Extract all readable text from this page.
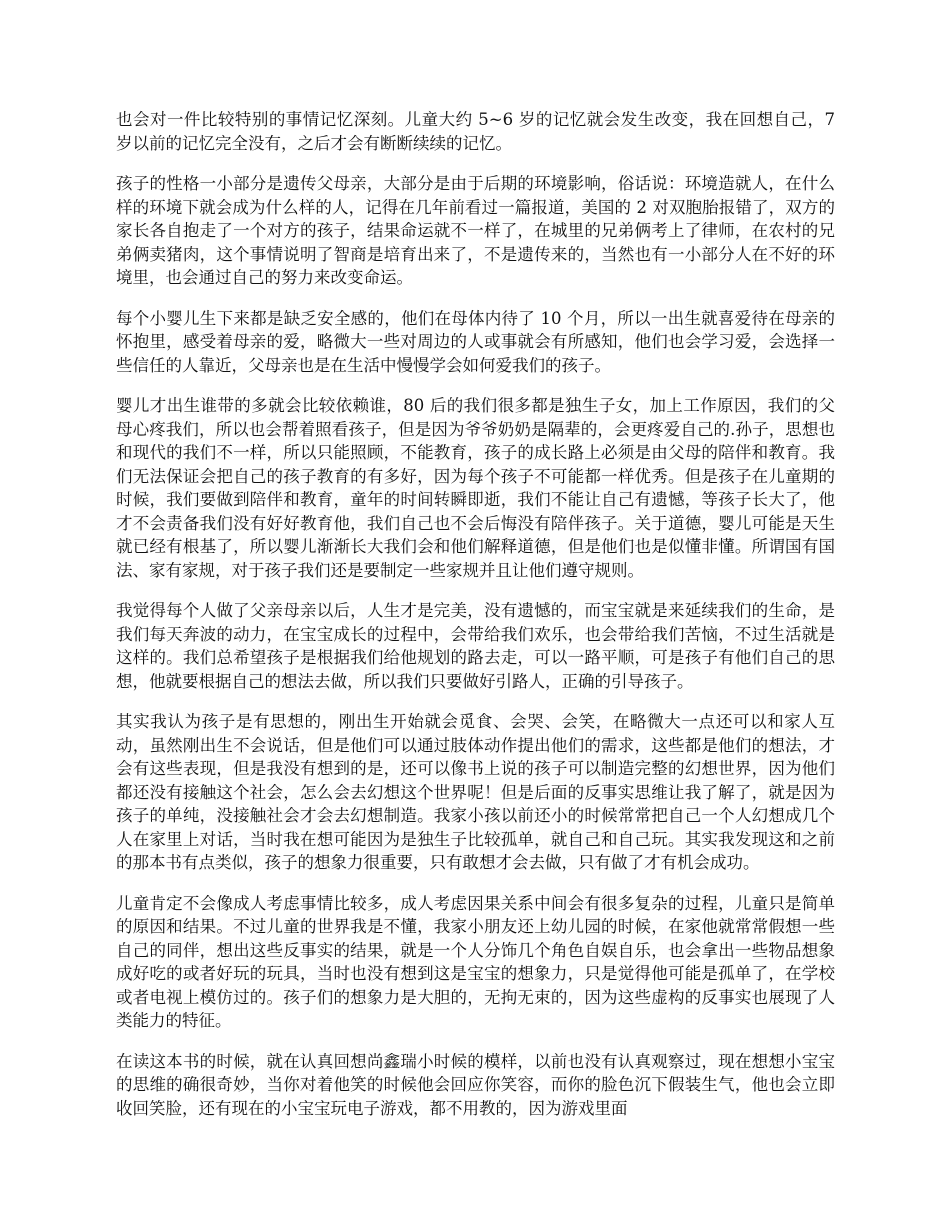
也会对一件比较特别的事情记忆深刻。儿童大约 5~6 岁的记忆就会发生改变，我在回想自己，7 岁以前的记忆完全没有，之后才会有断断续续的记忆。

孩子的性格一小部分是遗传父母亲，大部分是由于后期的环境影响，俗话说：环境造就人，在什么样的环境下就会成为什么样的人，记得在几年前看过一篇报道，美国的 2 对双胞胎报错了，双方的家长各自抱走了一个对方的孩子，结果命运就不一样了，在城里的兄弟俩考上了律师，在农村的兄弟俩卖猪肉，这个事情说明了智商是培育出来了，不是遗传来的，当然也有一小部分人在不好的环境里，也会通过自己的努力来改变命运。

每个小婴儿生下来都是缺乏安全感的，他们在母体内待了 10 个月，所以一出生就喜爱待在母亲的怀抱里，感受着母亲的爱，略微大一些对周边的人或事就会有所感知，他们也会学习爱，会选择一些信任的人靠近，父母亲也是在生活中慢慢学会如何爱我们的孩子。

婴儿才出生谁带的多就会比较依赖谁，80 后的我们很多都是独生子女，加上工作原因，我们的父母心疼我们，所以也会帮着照看孩子，但是因为爷爷奶奶是隔辈的，会更疼爱自己的.孙子，思想也和现代的我们不一样，所以只能照顾，不能教育，孩子的成长路上必须是由父母的陪伴和教育。我们无法保证会把自己的孩子教育的有多好，因为每个孩子不可能都一样优秀。但是孩子在儿童期的时候，我们要做到陪伴和教育，童年的时间转瞬即逝，我们不能让自己有遗憾，等孩子长大了，他才不会责备我们没有好好教育他，我们自己也不会后悔没有陪伴孩子。关于道德，婴儿可能是天生就已经有根基了，所以婴儿渐渐长大我们会和他们解释道德，但是他们也是似懂非懂。所谓国有国法、家有家规，对于孩子我们还是要制定一些家规并且让他们遵守规则。

我觉得每个人做了父亲母亲以后，人生才是完美，没有遗憾的，而宝宝就是来延续我们的生命，是我们每天奔波的动力，在宝宝成长的过程中，会带给我们欢乐，也会带给我们苦恼，不过生活就是这样的。我们总希望孩子是根据我们给他规划的路去走，可以一路平顺，可是孩子有他们自己的思想，他就要根据自己的想法去做，所以我们只要做好引路人，正确的引导孩子。

其实我认为孩子是有思想的，刚出生开始就会觅食、会哭、会笑，在略微大一点还可以和家人互动，虽然刚出生不会说话，但是他们可以通过肢体动作提出他们的需求，这些都是他们的想法，才会有这些表现，但是我没有想到的是，还可以像书上说的孩子可以制造完整的幻想世界，因为他们都还没有接触这个社会，怎么会去幻想这个世界呢！但是后面的反事实思维让我了解了，就是因为孩子的单纯，没接触社会才会去幻想制造。我家小孩以前还小的时候常常把自己一个人幻想成几个人在家里上对话，当时我在想可能因为是独生子比较孤单，就自己和自己玩。其实我发现这和之前的那本书有点类似，孩子的想象力很重要，只有敢想才会去做，只有做了才有机会成功。

儿童肯定不会像成人考虑事情比较多，成人考虑因果关系中间会有很多复杂的过程，儿童只是简单的原因和结果。不过儿童的世界我是不懂，我家小朋友还上幼儿园的时候，在家他就常常假想一些自己的同伴，想出这些反事实的结果，就是一个人分饰几个角色自娱自乐，也会拿出一些物品想象成好吃的或者好玩的玩具，当时也没有想到这是宝宝的想象力，只是觉得他可能是孤单了，在学校或者电视上模仿过的。孩子们的想象力是大胆的，无拘无束的，因为这些虚构的反事实也展现了人类能力的特征。

在读这本书的时候，就在认真回想尚鑫瑞小时候的模样，以前也没有认真观察过，现在想想小宝宝的思维的确很奇妙，当你对着他笑的时候他会回应你笑容，而你的脸色沉下假装生气，他也会立即收回笑脸，还有现在的小宝宝玩电子游戏，都不用教的，因为游戏里面
